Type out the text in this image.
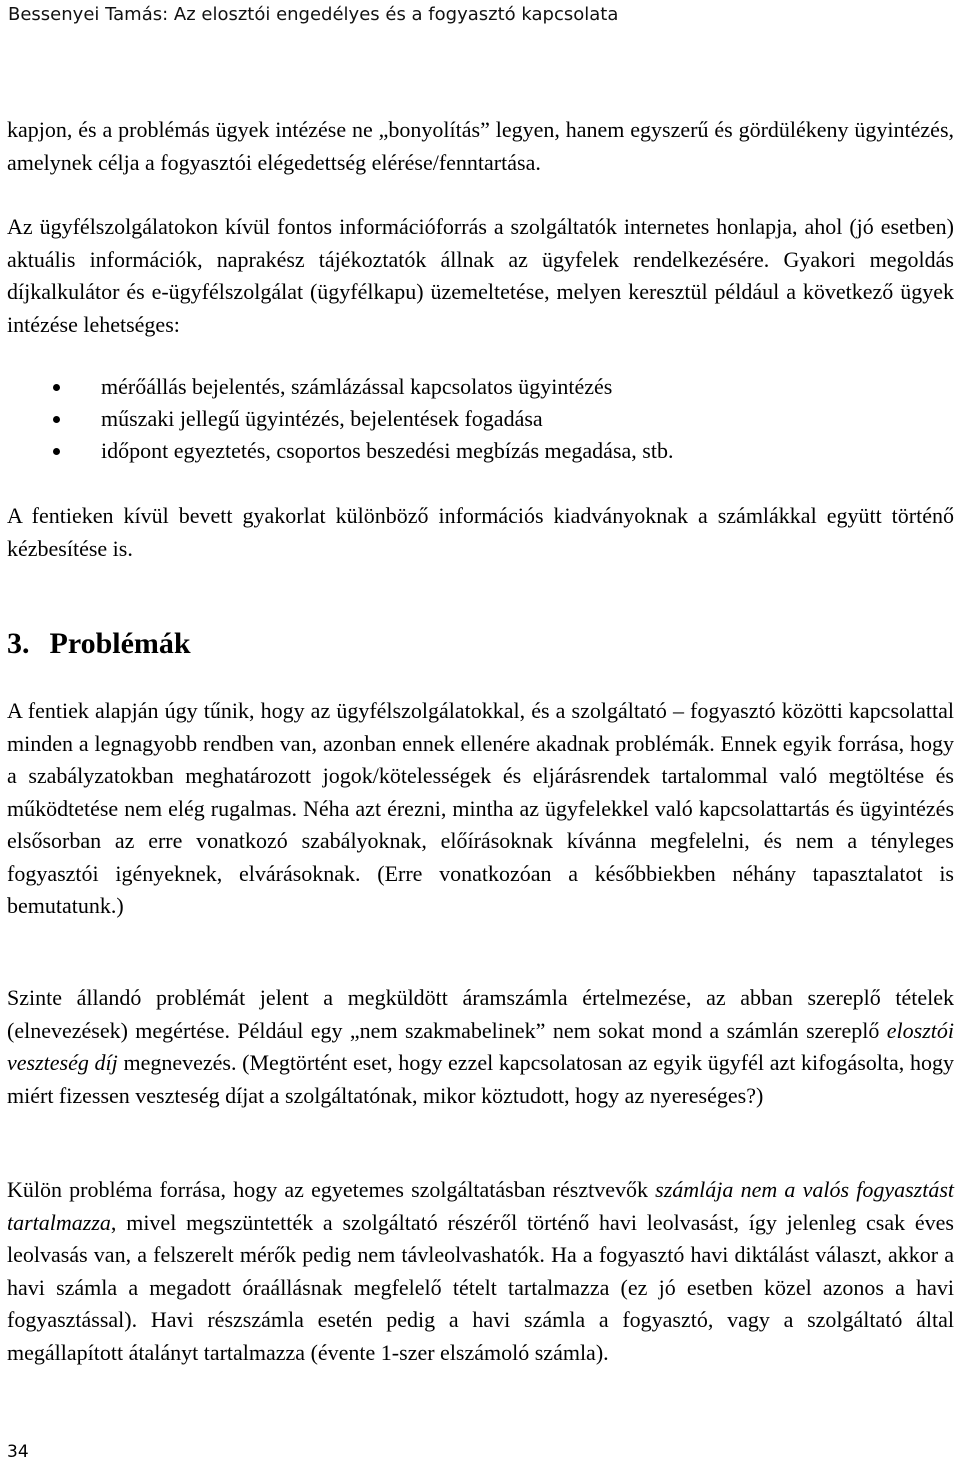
Bessenyei Tamás: Az elosztói engedélyes és a fogyasztó kapcsolata

kapjon, és a problémás ügyek intézése ne „bonyolítás” legyen, hanem egyszerű és gördülékeny ügyintézés, amelynek célja a fogyasztói elégedettség elérése/fenntartása.

Az ügyfélszolgálatokon kívül fontos információforrás a szolgáltatók internetes honlapja, ahol (jó esetben) aktuális információk, naprakész tájékoztatók állnak az ügyfelek rendelkezésére. Gyakori megoldás díjkalkulátor és e-ügyfélszolgálat (ügyfélkapu) üzemeltetése, melyen keresztül például a következő ügyek intézése lehetséges:

mérőállás bejelentés, számlázással kapcsolatos ügyintézés
műszaki jellegű ügyintézés, bejelentések fogadása
időpont egyeztetés, csoportos beszedési megbízás megadása, stb.

A fentieken kívül bevett gyakorlat különböző információs kiadványoknak a számlákkal együtt történő kézbesítése is.

3. Problémák

A fentiek alapján úgy tűnik, hogy az ügyfélszolgálatokkal, és a szolgáltató – fogyasztó közötti kapcsolattal minden a legnagyobb rendben van, azonban ennek ellenére akadnak problémák. Ennek egyik forrása, hogy a szabályzatokban meghatározott jogok/kötelességek és eljárásrendek tartalommal való megtöltése és működtetése nem elég rugalmas. Néha azt érezni, mintha az ügyfelekkel való kapcsolattartás és ügyintézés elsősorban az erre vonatkozó szabályoknak, előírásoknak kívánna megfelelni, és nem a tényleges fogyasztói igényeknek, elvárásoknak. (Erre vonatkozóan a későbbiekben néhány tapasztalatot is bemutatunk.)

Szinte állandó problémát jelent a megküldött áramszámla értelmezése, az abban szereplő tételek (elnevezések) megértése. Például egy „nem szakmabelinek” nem sokat mond a számlán szereplő elosztói veszteség díj megnevezés. (Megtörtént eset, hogy ezzel kapcsolatosan az egyik ügyfél azt kifogásolta, hogy miért fizessen veszteség díjat a szolgáltatónak, mikor köztudott, hogy az nyereséges?)

Külön probléma forrása, hogy az egyetemes szolgáltatásban résztvevők számlája nem a valós fogyasztást tartalmazza, mivel megszüntették a szolgáltató részéről történő havi leolvasást, így jelenleg csak éves leolvasás van, a felszerelt mérők pedig nem távleolvashatók. Ha a fogyasztó havi diktálást választ, akkor a havi számla a megadott óraállásnak megfelelő tételt tartalmazza (ez jó esetben közel azonos a havi fogyasztással). Havi részszámla esetén pedig a havi számla a fogyasztó, vagy a szolgáltató által megállapított átalányt tartalmazza (évente 1-szer elszámoló számla).

34
